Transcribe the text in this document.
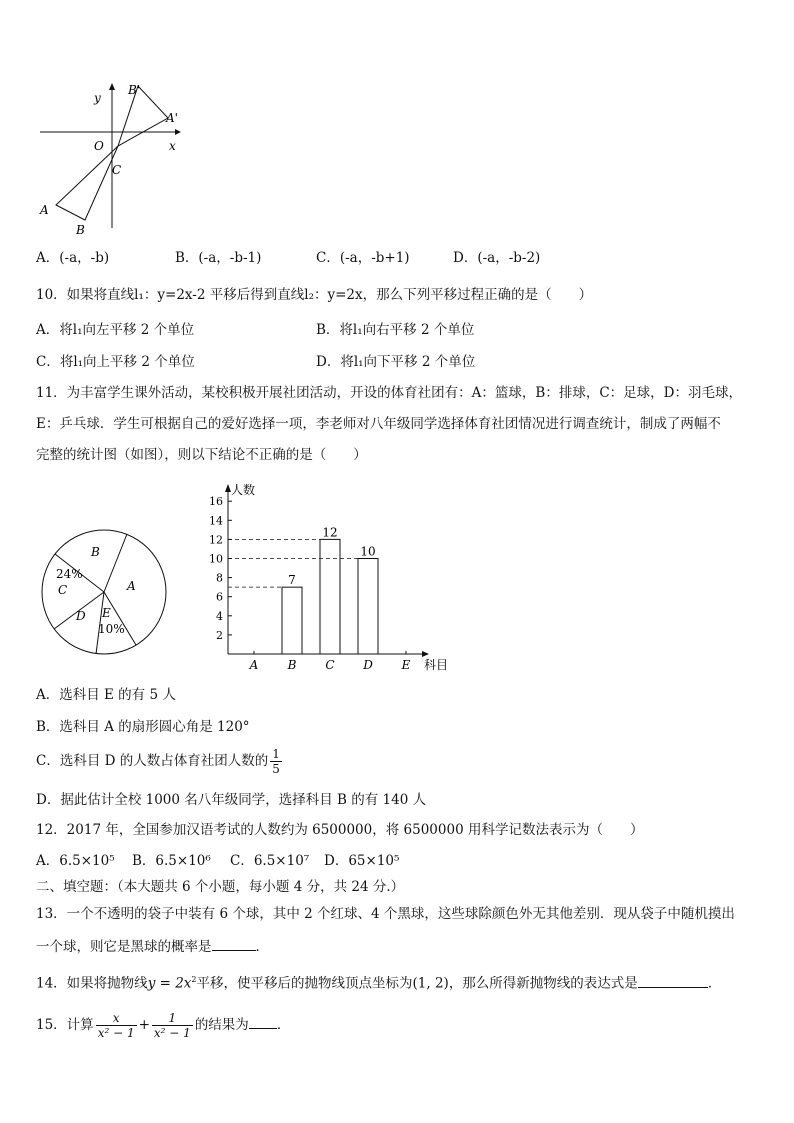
y
x
O
C
A
B
A'
B'
A．(-a，-b)	B．(-a，-b-1)	C．(-a，-b+1)	D．(-a，-b-2)
10．如果将直线l₁：y=2x-2 平移后得到直线l₂：y=2x，那么下列平移过程正确的是（　　）
A．将l₁向左平移 2 个单位	B．将l₁向右平移 2 个单位
C．将l₁向上平移 2 个单位	D．将l₁向下平移 2 个单位
11．为丰富学生课外活动，某校积极开展社团活动，开设的体育社团有：A：篮球，B：排球，C：足球，D：羽毛球，
E：乒乓球．学生可根据自己的爱好选择一项，李老师对八年级同学选择体育社团情况进行调查统计，制成了两幅不
完整的统计图（如图），则以下结论不正确的是（　　）
B
A
24%
C
D E
10%
人数
科目
2
4
6
8
10
12
14
16
A B
7
C
12
D
10
E
A．选科目 E 的有 5 人
B．选科目 A 的扇形圆心角是 120°
C．选科目 D 的人数占体育社团人数的 $\frac{1}{5}$
D．据此估计全校 1000 名八年级同学，选择科目 B 的有 140 人
12．2017 年，全国参加汉语考试的人数约为 6500000，将 6500000 用科学记数法表示为（　　）
A．6.5×10⁵ B．6.5×10⁶ C．6.5×10⁷ D．65×10⁵
二、填空题：（本大题共 6 个小题，每小题 4 分，共 24 分.）
13．一个不透明的袋子中装有 6 个球，其中 2 个红球、4 个黑球，这些球除颜色外无其他差别．现从袋子中随机摸出
一个球，则它是黑球的概率是	．
14．如果将抛物线$y = 2x^2$平移，使平移后的抛物线顶点坐标为(1, 2)，那么所得新抛物线的表达式是	．
15．计算 $\frac{x}{\text{x² − 1}} + \frac{1}{\text{x² − 1}}$ 的结果为 ．
